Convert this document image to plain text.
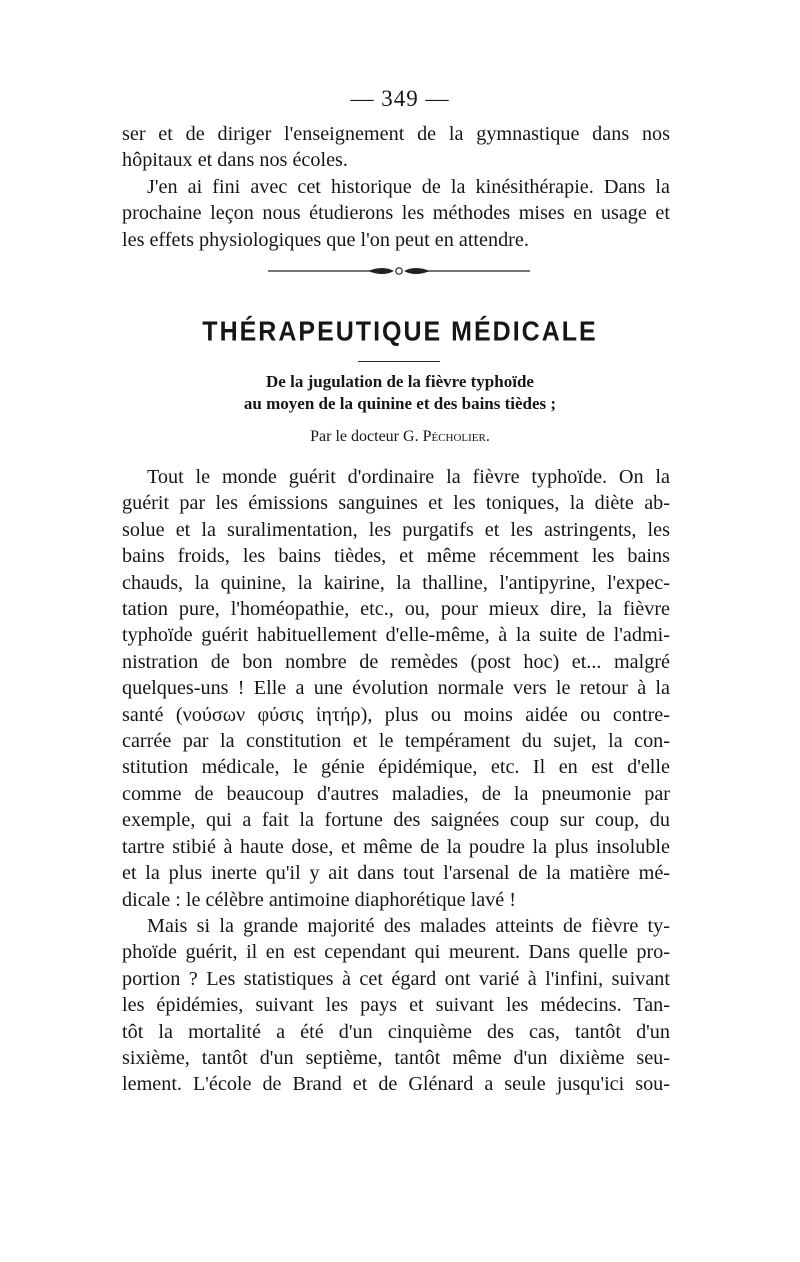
— 349 —
ser et de diriger l'enseignement de la gymnastique dans nos
hôpitaux et dans nos écoles.
J'en ai fini avec cet historique de la kinésithérapie. Dans la
prochaine leçon nous étudierons les méthodes mises en usage et
les effets physiologiques que l'on peut en attendre.
THÉRAPEUTIQUE MÉDICALE
De la jugulation de la fièvre typhoïde
au moyen de la quinine et des bains tièdes ;
Par le docteur G. Pécholier.
Tout le monde guérit d'ordinaire la fièvre typhoïde. On la
guérit par les émissions sanguines et les toniques, la diète ab-
solue et la suralimentation, les purgatifs et les astringents, les
bains froids, les bains tièdes, et même récemment les bains
chauds, la quinine, la kairine, la thalline, l'antipyrine, l'expec-
tation pure, l'homéopathie, etc., ou, pour mieux dire, la fièvre
typhoïde guérit habituellement d'elle-même, à la suite de l'admi-
nistration de bon nombre de remèdes (post hoc) et... malgré
quelques-uns ! Elle a une évolution normale vers le retour à la
santé (νούσων φύσις ἰητήρ), plus ou moins aidée ou contre-
carrée par la constitution et le tempérament du sujet, la con-
stitution médicale, le génie épidémique, etc. Il en est d'elle
comme de beaucoup d'autres maladies, de la pneumonie par
exemple, qui a fait la fortune des saignées coup sur coup, du
tartre stibié à haute dose, et même de la poudre la plus insoluble
et la plus inerte qu'il y ait dans tout l'arsenal de la matière mé-
dicale : le célèbre antimoine diaphorétique lavé !
Mais si la grande majorité des malades atteints de fièvre ty-
phoïde guérit, il en est cependant qui meurent. Dans quelle pro-
portion ? Les statistiques à cet égard ont varié à l'infini, suivant
les épidémies, suivant les pays et suivant les médecins. Tan-
tôt la mortalité a été d'un cinquième des cas, tantôt d'un
sixième, tantôt d'un septième, tantôt même d'un dixième seu-
lement. L'école de Brand et de Glénard a seule jusqu'ici sou-
